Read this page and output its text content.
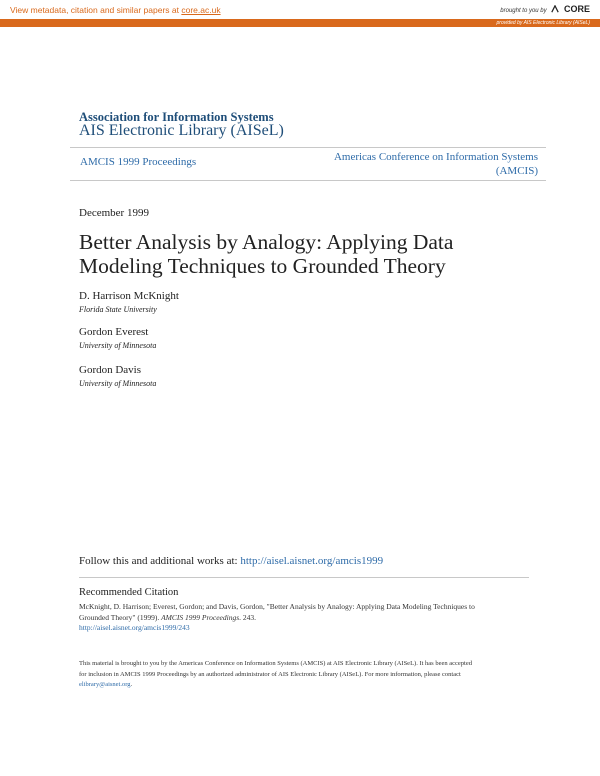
View metadata, citation and similar papers at core.ac.uk	brought to you by CORE
provided by AIS Electronic Library (AISeL)
Association for Information Systems
AIS Electronic Library (AISeL)
AMCIS 1999 Proceedings	Americas Conference on Information Systems
(AMCIS)
December 1999
Better Analysis by Analogy: Applying Data
Modeling Techniques to Grounded Theory
D. Harrison McKnight
Florida State University
Gordon Everest
University of Minnesota
Gordon Davis
University of Minnesota
Follow this and additional works at: http://aisel.aisnet.org/amcis1999
Recommended Citation
McKnight, D. Harrison; Everest, Gordon; and Davis, Gordon, "Better Analysis by Analogy: Applying Data Modeling Techniques to
Grounded Theory" (1999). AMCIS 1999 Proceedings. 243.
http://aisel.aisnet.org/amcis1999/243
This material is brought to you by the Americas Conference on Information Systems (AMCIS) at AIS Electronic Library (AISeL). It has been accepted
for inclusion in AMCIS 1999 Proceedings by an authorized administrator of AIS Electronic Library (AISeL). For more information, please contact
elibrary@aisnet.org.
